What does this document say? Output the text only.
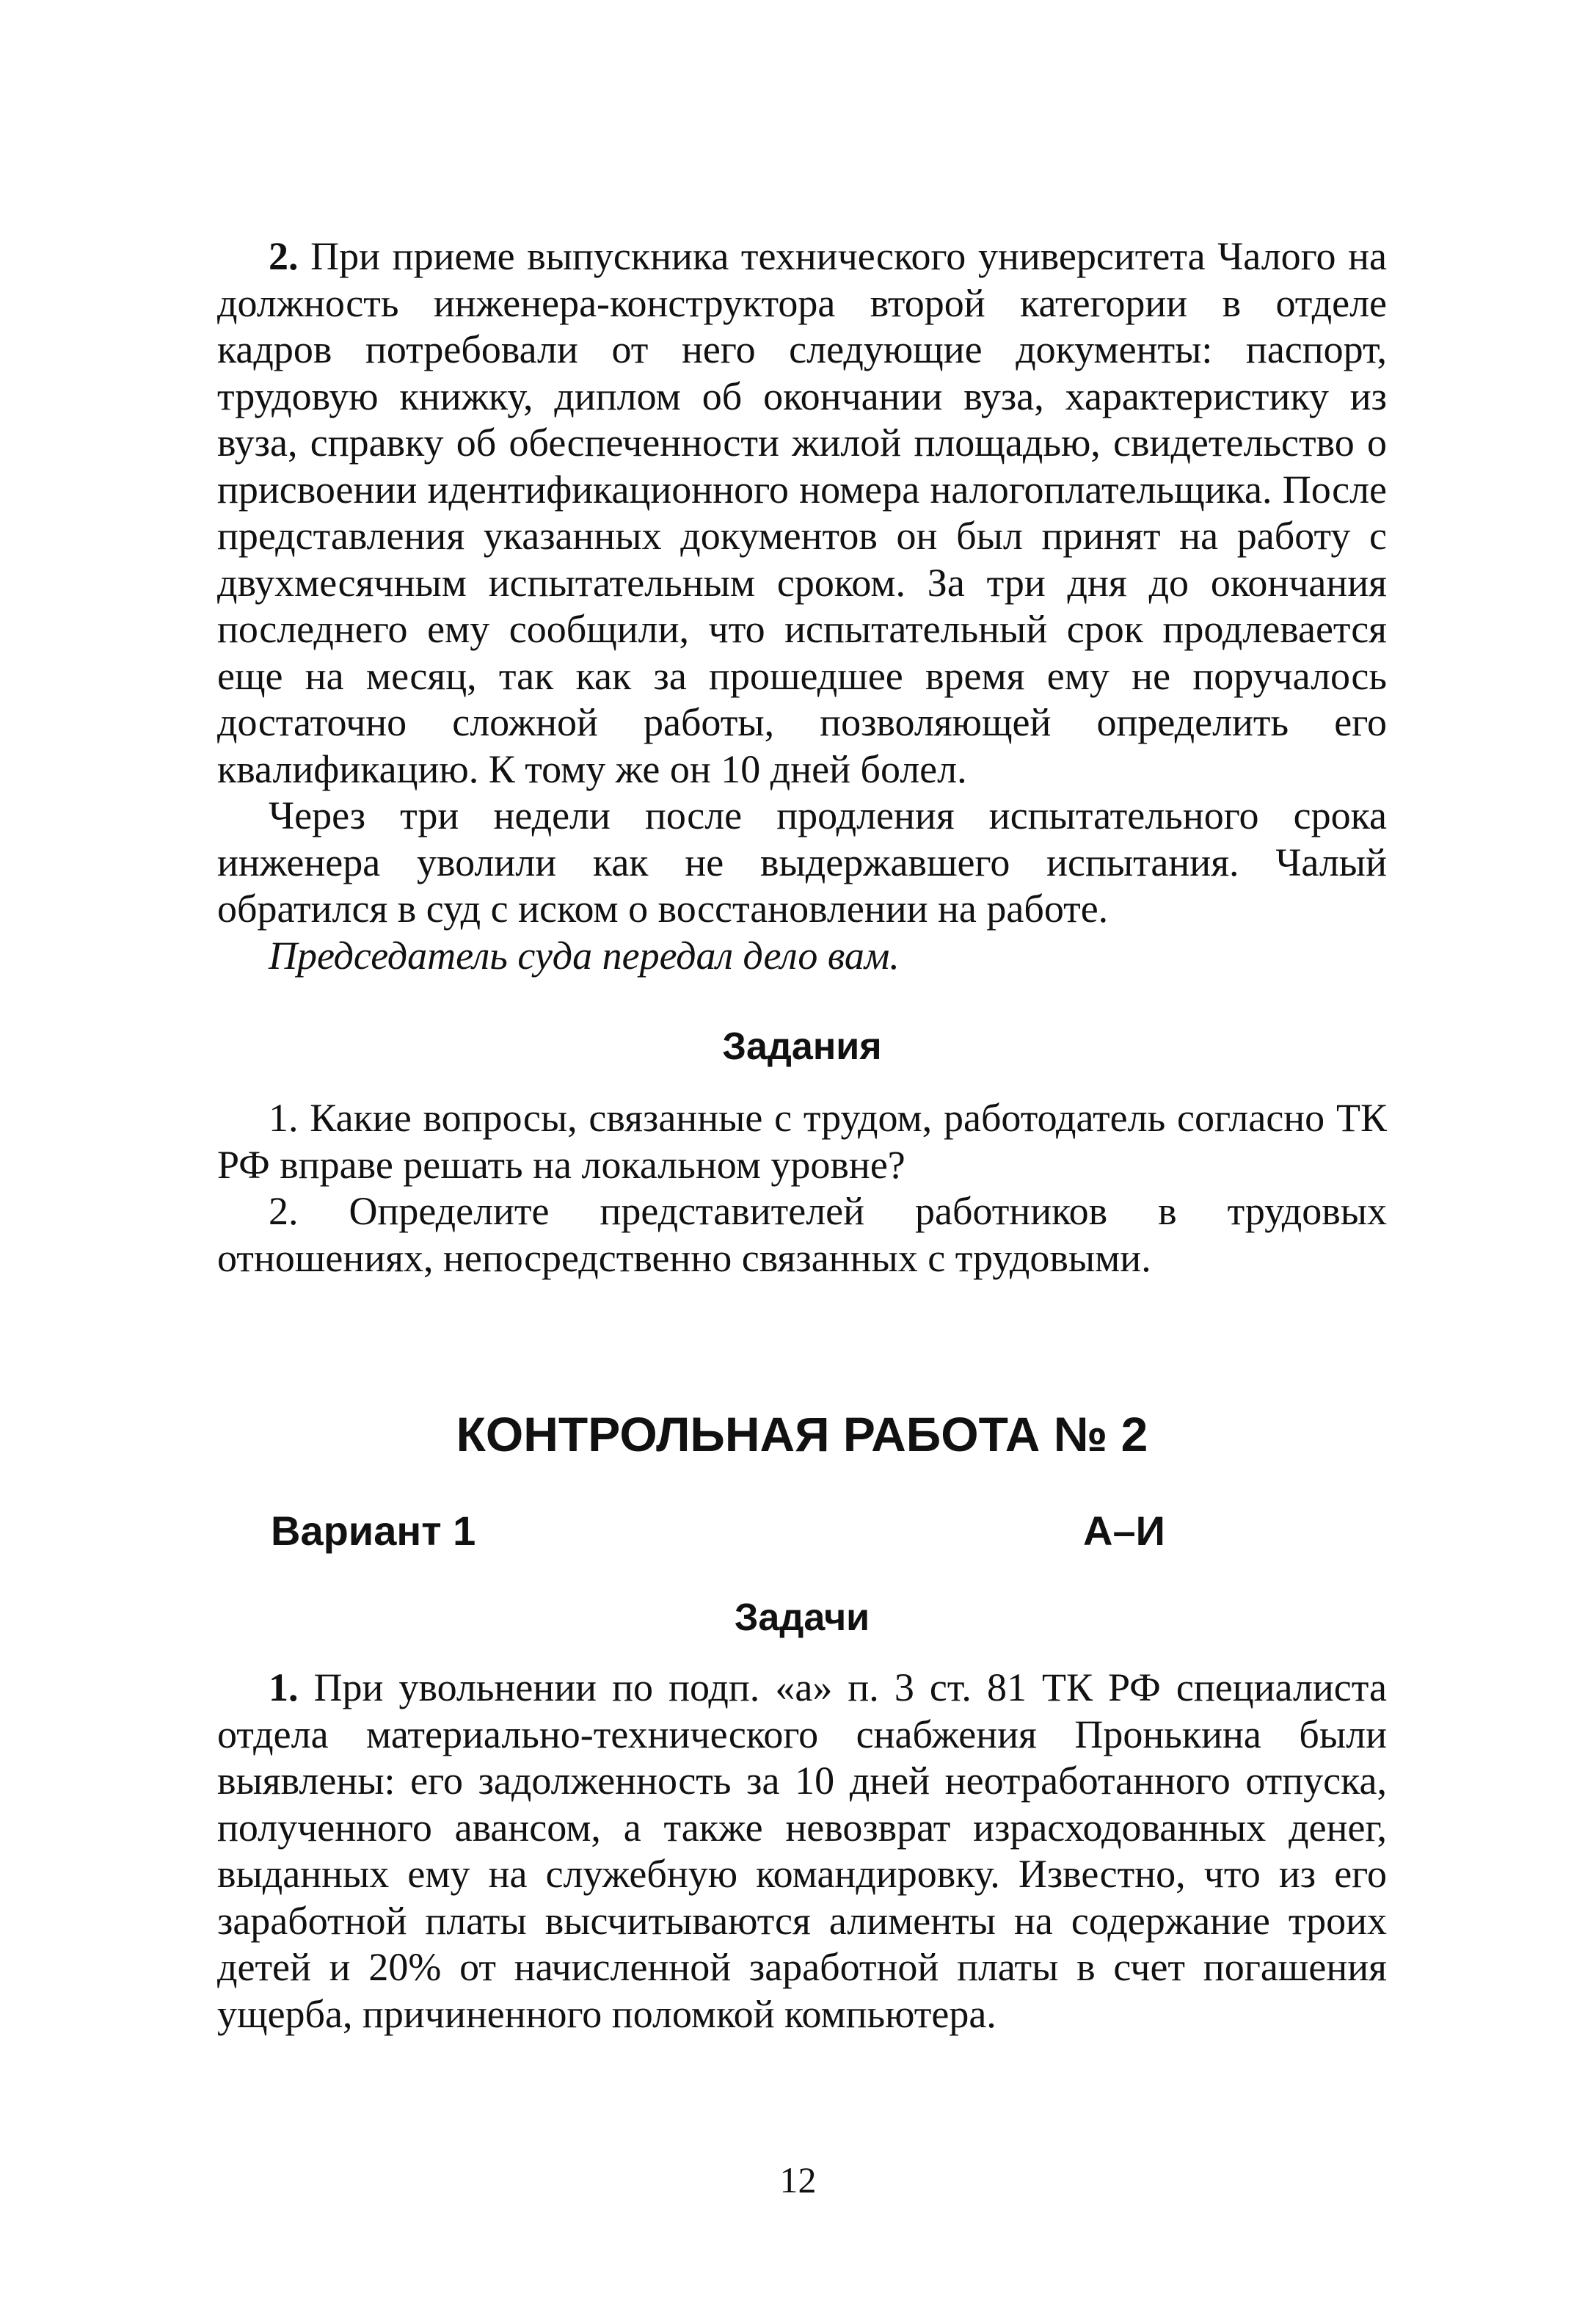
2. При приеме выпускника технического университета Чалого на должность инженера-конструктора второй категории в отделе кадров потребовали от него следующие документы: паспорт, трудовую книжку, диплом об окончании вуза, характеристику из вуза, справку об обеспеченности жилой площадью, свидетельство о присвоении идентификационного номера налогоплательщика. После представления указанных документов он был принят на работу с двухмесячным испытательным сроком. За три дня до окончания последнего ему сообщили, что испытательный срок продлевается еще на месяц, так как за прошедшее время ему не поручалось достаточно сложной работы, позволяющей определить его квалификацию. К тому же он 10 дней болел.

Через три недели после продления испытательного срока инженера уволили как не выдержавшего испытания. Чалый обратился в суд с иском о восстановлении на работе.

Председатель суда передал дело вам.

Задания

1. Какие вопросы, связанные с трудом, работодатель согласно ТК РФ вправе решать на локальном уровне?

2. Определите представителей работников в трудовых отношениях, непосредственно связанных с трудовыми.

КОНТРОЛЬНАЯ РАБОТА № 2
Вариант 1	А–И
Задачи

1. При увольнении по подп. «а» п. 3 ст. 81 ТК РФ специалиста отдела материально-технического снабжения Пронькина были выявлены: его задолженность за 10 дней неотработанного отпуска, полученного авансом, а также невозврат израсходованных денег, выданных ему на служебную командировку. Известно, что из его заработной платы высчитываются алименты на содержание троих детей и 20% от начисленной заработной платы в счет погашения ущерба, причиненного поломкой компьютера.

12
